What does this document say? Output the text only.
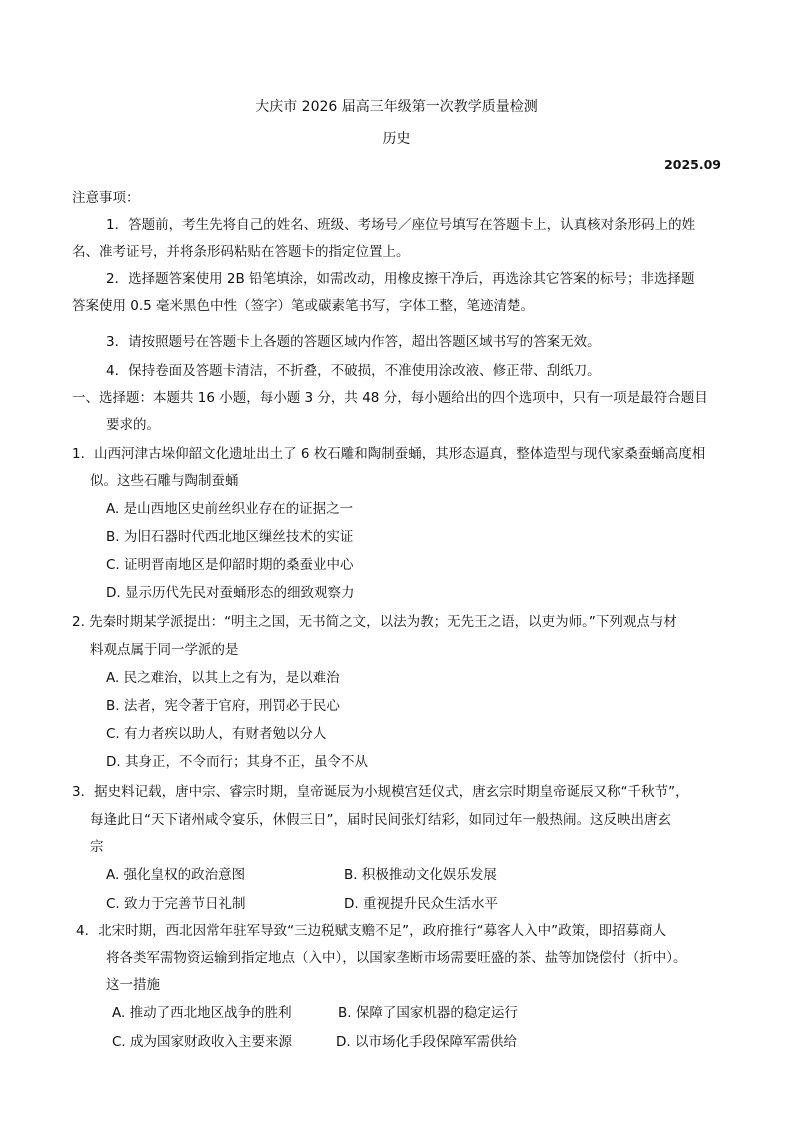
大庆市 2026 届高三年级第一次教学质量检测
历史
2025.09
注意事项：
1．答题前，考生先将自己的姓名、班级、考场号／座位号填写在答题卡上，认真核对条形码上的姓
名、准考证号，并将条形码粘贴在答题卡的指定位置上。
2．选择题答案使用 2B 铅笔填涂，如需改动，用橡皮擦干净后，再选涂其它答案的标号；非选择题
答案使用 0.5 毫米黑色中性（签字）笔或碳素笔书写，字体工整，笔迹清楚。
3．请按照题号在答题卡上各题的答题区域内作答，超出答题区域书写的答案无效。
4．保持卷面及答题卡清洁，不折叠，不破损，不准使用涂改液、修正带、刮纸刀。
一、选择题：本题共 16 小题，每小题 3 分，共 48 分，每小题给出的四个选项中，只有一项是最符合题目
要求的。
1．山西河津古垛仰韶文化遗址出土了 6 枚石雕和陶制蚕蛹，其形态逼真，整体造型与现代家桑蚕蛹高度相
似。这些石雕与陶制蚕蛹
A. 是山西地区史前丝织业存在的证据之一
B. 为旧石器时代西北地区缫丝技术的实证
C. 证明晋南地区是仰韶时期的桑蚕业中心
D. 显示历代先民对蚕蛹形态的细致观察力
2. 先秦时期某学派提出：“明主之国，无书简之文，以法为教；无先王之语，以吏为师。”下列观点与材
料观点属于同一学派的是
A. 民之难治，以其上之有为，是以难治
B. 法者，宪令著于官府，刑罚必于民心
C. 有力者疾以助人，有财者勉以分人
D. 其身正，不令而行；其身不正，虽令不从
3．据史料记载，唐中宗、睿宗时期，皇帝诞辰为小规模宫廷仪式，唐玄宗时期皇帝诞辰又称“千秋节”，
每逢此日“天下诸州咸令宴乐，休假三日”，届时民间张灯结彩，如同过年一般热闹。这反映出唐玄
宗
A. 强化皇权的政治意图	B. 积极推动文化娱乐发展
C. 致力于完善节日礼制	D. 重视提升民众生活水平
4．北宋时期，西北因常年驻军导致“三边税赋支赡不足”，政府推行“募客人入中”政策，即招募商人
将各类军需物资运输到指定地点（入中），以国家垄断市场需要旺盛的茶、盐等加饶偿付（折中）。
这一措施
A. 推动了西北地区战争的胜利	B. 保障了国家机器的稳定运行
C. 成为国家财政收入主要来源	D. 以市场化手段保障军需供给
